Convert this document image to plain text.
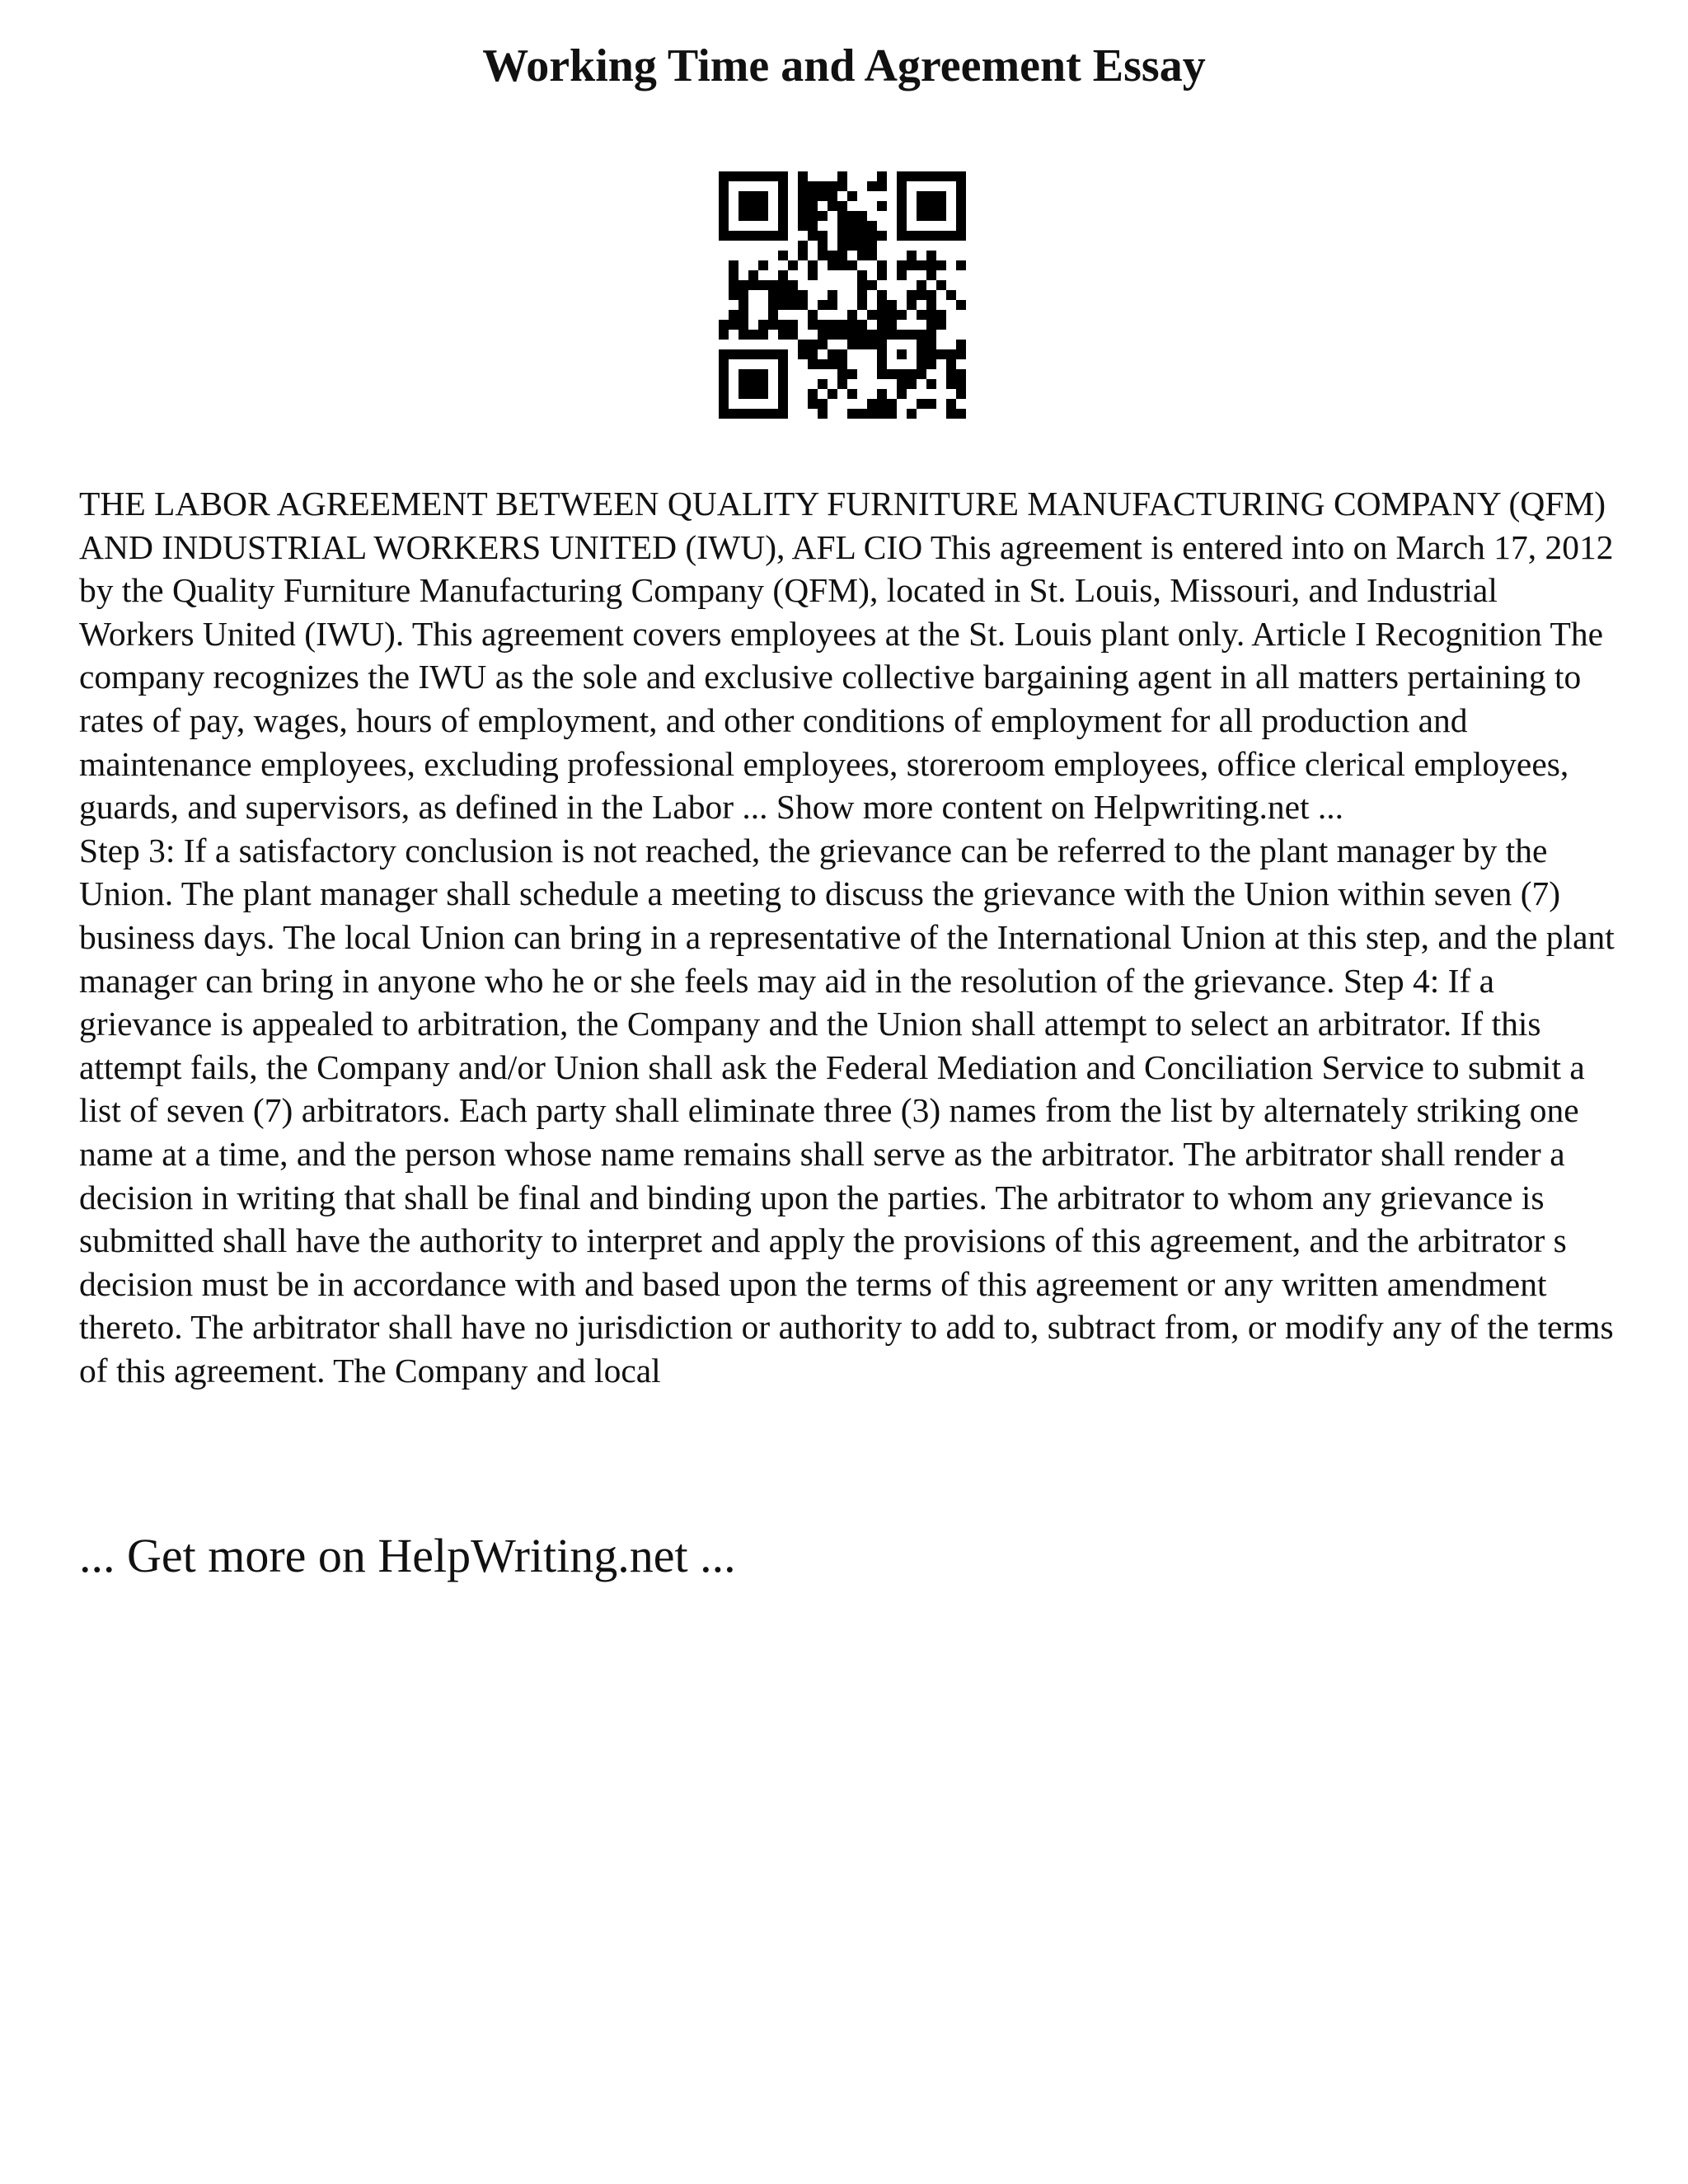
Working Time and Agreement Essay

THE LABOR AGREEMENT BETWEEN QUALITY FURNITURE MANUFACTURING COMPANY (QFM) AND INDUSTRIAL WORKERS UNITED (IWU), AFL CIO This agreement is entered into on March 17, 2012 by the Quality Furniture Manufacturing Company (QFM), located in St. Louis, Missouri, and Industrial Workers United (IWU). This agreement covers employees at the St. Louis plant only. Article I Recognition The company recognizes the IWU as the sole and exclusive collective bargaining agent in all matters pertaining to rates of pay, wages, hours of employment, and other conditions of employment for all production and maintenance employees, excluding professional employees, storeroom employees, office clerical employees, guards, and supervisors, as defined in the Labor ... Show more content on Helpwriting.net ...

Step 3: If a satisfactory conclusion is not reached, the grievance can be referred to the plant manager by the Union. The plant manager shall schedule a meeting to discuss the grievance with the Union within seven (7) business days. The local Union can bring in a representative of the International Union at this step, and the plant manager can bring in anyone who he or she feels may aid in the resolution of the grievance. Step 4: If a grievance is appealed to arbitration, the Company and the Union shall attempt to select an arbitrator. If this attempt fails, the Company and/or Union shall ask the Federal Mediation and Conciliation Service to submit a list of seven (7) arbitrators. Each party shall eliminate three (3) names from the list by alternately striking one name at a time, and the person whose name remains shall serve as the arbitrator. The arbitrator shall render a decision in writing that shall be final and binding upon the parties. The arbitrator to whom any grievance is submitted shall have the authority to interpret and apply the provisions of this agreement, and the arbitrator s decision must be in accordance with and based upon the terms of this agreement or any written amendment thereto. The arbitrator shall have no jurisdiction or authority to add to, subtract from, or modify any of the terms of this agreement. The Company and local

... Get more on HelpWriting.net ...
